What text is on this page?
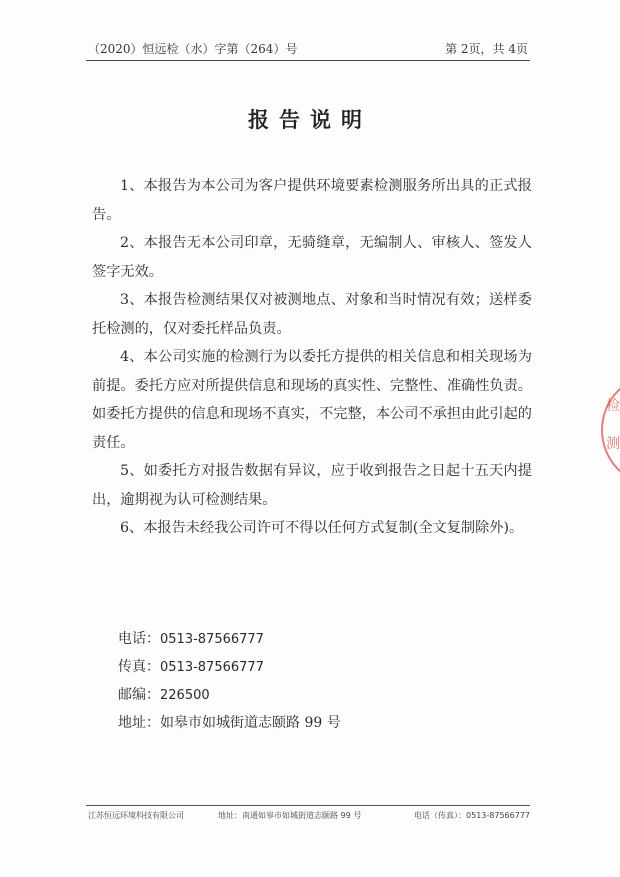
（2020）恒远检（水）字第（264）号	第 2页，共 4页
报告说明

1、本报告为本公司为客户提供环境要素检测服务所出具的正式报告。

2、本报告无本公司印章，无骑缝章，无编制人、审核人、签发人签字无效。

3、本报告检测结果仅对被测地点、对象和当时情况有效；送样委托检测的，仅对委托样品负责。

4、本公司实施的检测行为以委托方提供的相关信息和相关现场为前提。委托方应对所提供信息和现场的真实性、完整性、准确性负责。如委托方提供的信息和现场不真实，不完整，本公司不承担由此引起的责任。

5、如委托方对报告数据有异议，应于收到报告之日起十五天内提出，逾期视为认可检测结果。

6、本报告未经我公司许可不得以任何方式复制(全文复制除外)。

电话：0513-87566777
传真：0513-87566777
邮编：226500
地址：如皋市如城街道志颐路 99 号
江苏恒远环境科技有限公司	地址：南通如皋市如城街道志颐路 99 号	电话（传真）：0513-87566777
检
测
